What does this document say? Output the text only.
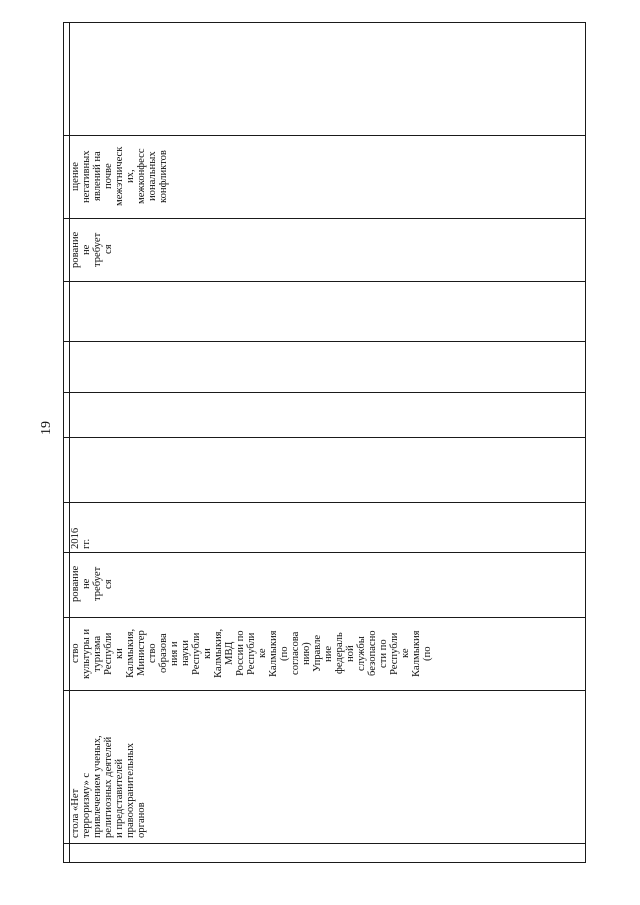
19
стола «Нет
терроризму» с
привлечением ученых,
религиозных деятелей
и представителей
правоохранительных
органов
ство
культуры и
туризма
Республи
ки
Калмыкия,
Министер
ство
образова
ния и
науки
Республи
ки
Калмыкия,
МВД
России по
Республи
ке
Калмыкия
(по
согласова
нию)
Управле
ние
федераль
ной
службы
безопасно
сти по
Республи
ке
Калмыкия
(по
рование
не
требует
ся
2016
гг.
рование
не
требует
ся
щение
негативных
явлений на
почве
межэтническ
их,
межконфесс
иональных
конфликтов
